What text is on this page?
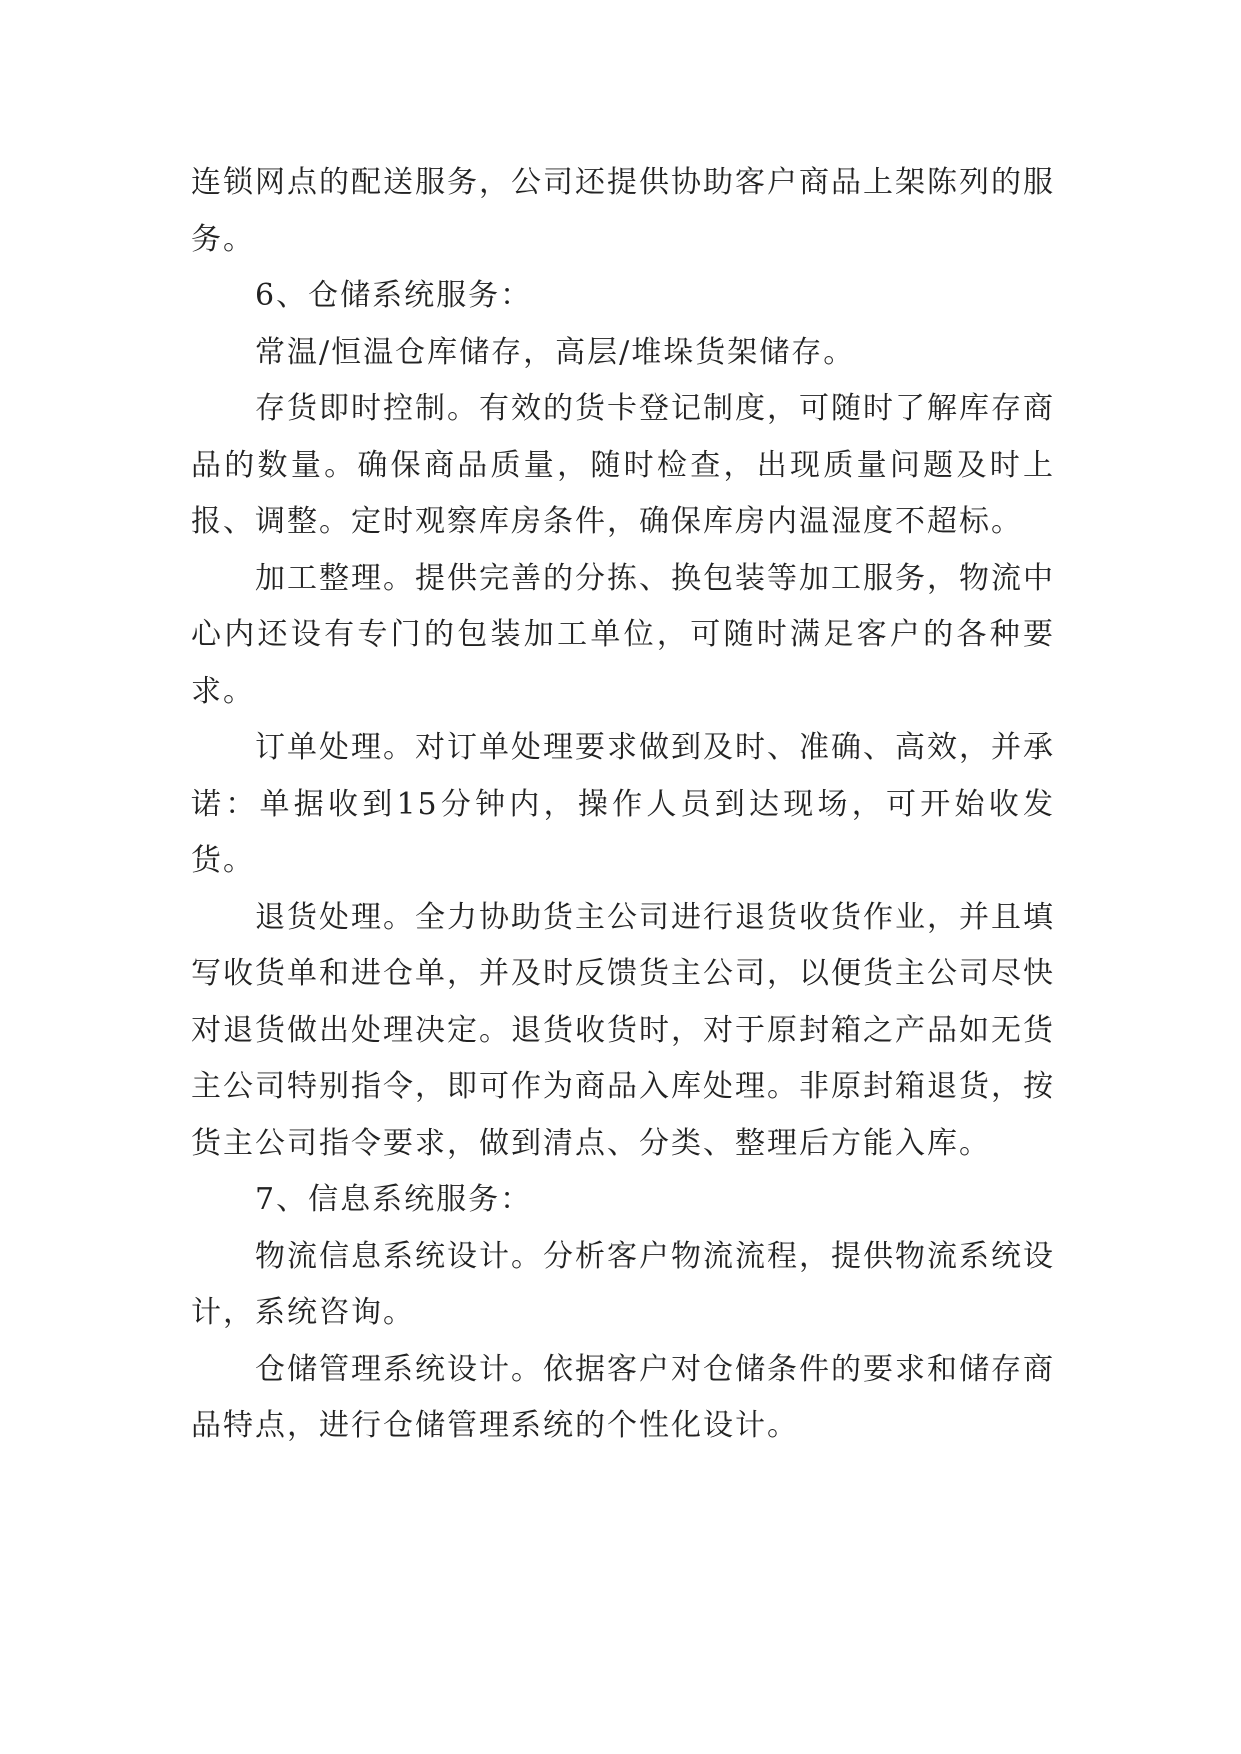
连锁网点的配送服务，公司还提供协助客户商品上架陈列的服务。

6、仓储系统服务：

常温/恒温仓库储存，高层/堆垛货架储存。

存货即时控制。有效的货卡登记制度，可随时了解库存商品的数量。确保商品质量，随时检查，出现质量问题及时上报、调整。定时观察库房条件，确保库房内温湿度不超标。

加工整理。提供完善的分拣、换包装等加工服务，物流中心内还设有专门的包装加工单位，可随时满足客户的各种要求。

订单处理。对订单处理要求做到及时、准确、高效，并承诺：单据收到15分钟内，操作人员到达现场，可开始收发货。

退货处理。全力协助货主公司进行退货收货作业，并且填写收货单和进仓单，并及时反馈货主公司，以便货主公司尽快对退货做出处理决定。退货收货时，对于原封箱之产品如无货主公司特别指令，即可作为商品入库处理。非原封箱退货，按货主公司指令要求，做到清点、分类、整理后方能入库。

7、信息系统服务：

物流信息系统设计。分析客户物流流程，提供物流系统设计，系统咨询。

仓储管理系统设计。依据客户对仓储条件的要求和储存商品特点，进行仓储管理系统的个性化设计。
